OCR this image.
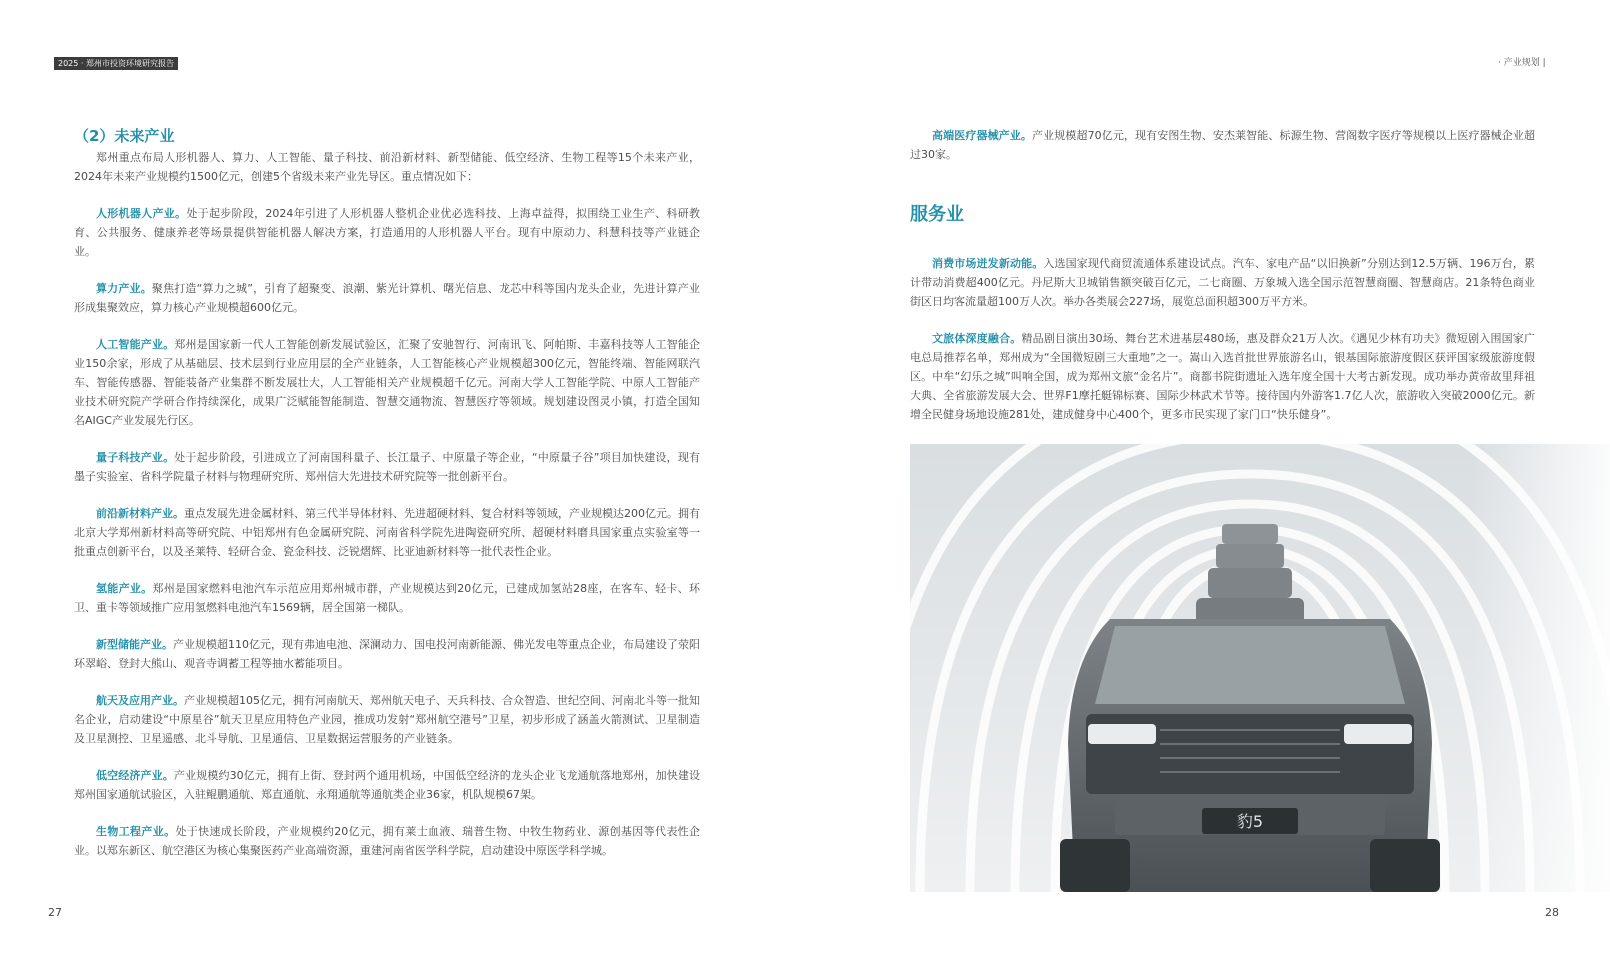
2025 · 郑州市投资环境研究报告	· 产业规划 |
（2）未来产业

郑州重点布局人形机器人、算力、人工智能、量子科技、前沿新材料、新型储能、低空经济、生物工程等15个未来产业，2024年未来产业规模约1500亿元，创建5个省级未来产业先导区。重点情况如下：

人形机器人产业。处于起步阶段，2024年引进了人形机器人整机企业优必选科技、上海卓益得，拟围绕工业生产、科研教育、公共服务、健康养老等场景提供智能机器人解决方案，打造通用的人形机器人平台。现有中原动力、科慧科技等产业链企业。

算力产业。聚焦打造“算力之城”，引育了超聚变、浪潮、紫光计算机、曙光信息、龙芯中科等国内龙头企业，先进计算产业形成集聚效应，算力核心产业规模超600亿元。

人工智能产业。郑州是国家新一代人工智能创新发展试验区，汇聚了安驰智行、河南讯飞、阿帕斯、丰嘉科技等人工智能企业150余家，形成了从基础层、技术层到行业应用层的全产业链条，人工智能核心产业规模超300亿元，智能终端、智能网联汽车、智能传感器、智能装备产业集群不断发展壮大，人工智能相关产业规模超千亿元。河南大学人工智能学院、中原人工智能产业技术研究院产学研合作持续深化，成果广泛赋能智能制造、智慧交通物流、智慧医疗等领域。规划建设图灵小镇，打造全国知名AIGC产业发展先行区。

量子科技产业。处于起步阶段，引进成立了河南国科量子、长江量子、中原量子等企业，“中原量子谷”项目加快建设，现有墨子实验室、省科学院量子材料与物理研究所、郑州信大先进技术研究院等一批创新平台。

前沿新材料产业。重点发展先进金属材料、第三代半导体材料、先进超硬材料、复合材料等领域，产业规模达200亿元。拥有北京大学郑州新材料高等研究院、中铝郑州有色金属研究院、河南省科学院先进陶瓷研究所、超硬材料磨具国家重点实验室等一批重点创新平台，以及圣莱特、轻研合金、瓷金科技、泛锐熠辉、比亚迪新材料等一批代表性企业。

氢能产业。郑州是国家燃料电池汽车示范应用郑州城市群，产业规模达到20亿元，已建成加氢站28座，在客车、轻卡、环卫、重卡等领域推广应用氢燃料电池汽车1569辆，居全国第一梯队。

新型储能产业。产业规模超110亿元，现有弗迪电池、深澜动力、国电投河南新能源、佛光发电等重点企业，布局建设了荥阳环翠峪、登封大熊山、观音寺调蓄工程等抽水蓄能项目。

航天及应用产业。产业规模超105亿元，拥有河南航天、郑州航天电子、天兵科技、合众智造、世纪空间、河南北斗等一批知名企业，启动建设“中原星谷”航天卫星应用特色产业园，推成功发射“郑州航空港号”卫星，初步形成了涵盖火箭测试、卫星制造及卫星测控、卫星遥感、北斗导航、卫星通信、卫星数据运营服务的产业链条。

低空经济产业。产业规模约30亿元，拥有上街、登封两个通用机场，中国低空经济的龙头企业飞龙通航落地郑州，加快建设郑州国家通航试验区，入驻鲲鹏通航、郑直通航、永翔通航等通航类企业36家，机队规模67架。

生物工程产业。处于快速成长阶段，产业规模约20亿元，拥有莱士血液、瑞普生物、中牧生物药业、源创基因等代表性企业。以郑东新区、航空港区为核心集聚医药产业高端资源，重建河南省医学科学院，启动建设中原医学科学城。

高端医疗器械产业。产业规模超70亿元，现有安图生物、安杰莱智能、标源生物、营阁数字医疗等规模以上医疗器械企业超过30家。

服务业

消费市场迸发新动能。入选国家现代商贸流通体系建设试点。汽车、家电产品“以旧换新”分别达到12.5万辆、196万台，累计带动消费超400亿元。丹尼斯大卫城销售额突破百亿元，二七商圈、万象城入选全国示范智慧商圈、智慧商店。21条特色商业街区日均客流量超100万人次。举办各类展会227场，展览总面积超300万平方米。

文旅体深度融合。精品剧目演出30场、舞台艺术进基层480场，惠及群众21万人次。《遇见少林有功夫》微短剧入围国家广电总局推荐名单，郑州成为“全国微短剧三大重地”之一。嵩山入选首批世界旅游名山，银基国际旅游度假区获评国家级旅游度假区。中牟“幻乐之城”叫响全国，成为郑州文旅“金名片”。商都书院街遗址入选年度全国十大考古新发现。成功举办黄帝故里拜祖大典、全省旅游发展大会、世界F1摩托艇锦标赛、国际少林武术节等。接待国内外游客1.7亿人次，旅游收入突破2000亿元。新增全民健身场地设施281处，建成健身中心400个，更多市民实现了家门口“快乐健身”。

27	28
